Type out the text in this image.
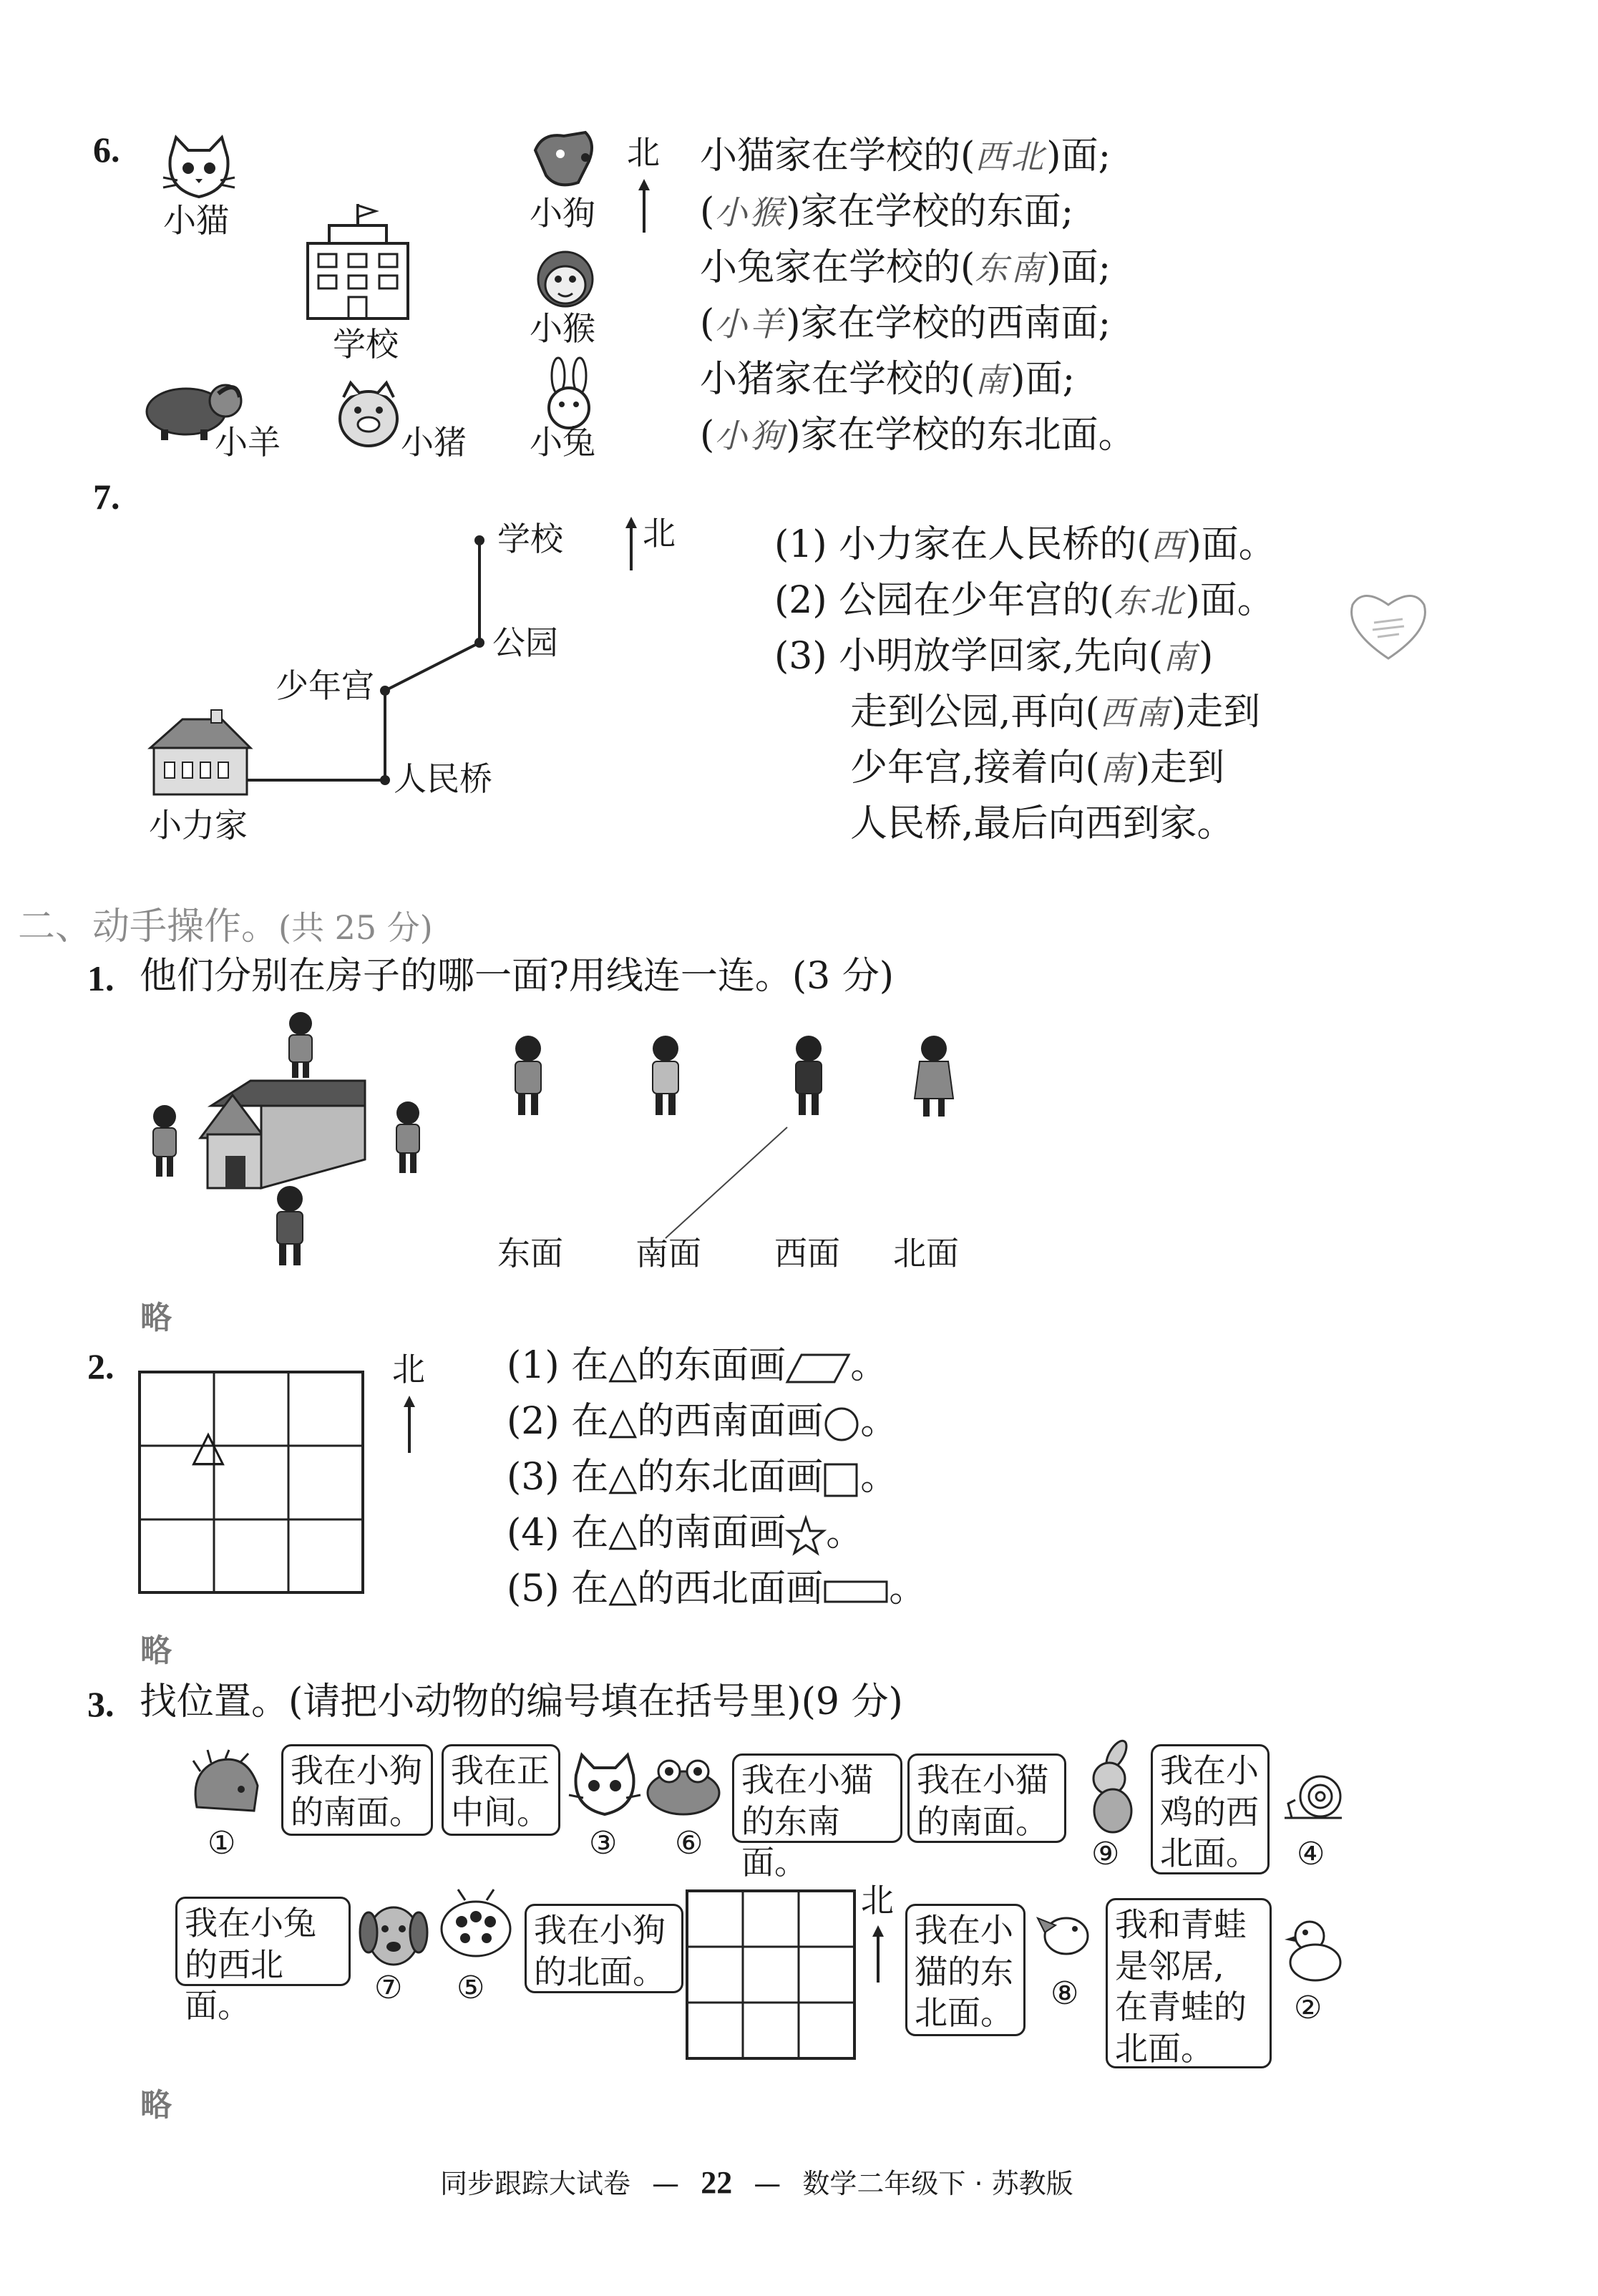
6.
小猫
学校
小羊	小猪
小狗
小猴
小兔
北 小猫家在学校的(西北)面;
(小猴)家在学校的东面;
小兔家在学校的(东南)面;
(小羊)家在学校的西南面;
小猪家在学校的(南)面;
(小狗)家在学校的东北面。
7.
学校
公园
少年宫
人民桥
小力家
北	(1) 小力家在人民桥的(西)面。
(2) 公园在少年宫的(东北)面。
(3) 小明放学回家,先向(南)
走到公园,再向(西南)走到
少年宫,接着向(南)走到
人民桥,最后向西到家。
二、动手操作。(共 25 分)
1. 他们分别在房子的哪一面?用线连一连。(3 分)
东面 南面 西面 北面
略
2.
△
北 (1) 在△的东面画 。
(2) 在△的西南面画 。
(3) 在△的东北面画 。
(4) 在△的南面画 。
(5) 在△的西北面画 。
略
3. 找位置。(请把小动物的编号填在括号里)(9 分)
①
我在小狗
的南面。
我在正
中间。
③ ⑥
我在小猫
的东南面。
我在小猫
的南面。
⑨
我在小
鸡的西
北面。	④
我在小兔
的西北面。	⑦ ⑤
我在小狗
的北面。
北
我在小
猫的东
北面。	⑧
我和青蛙
是邻居,
在青蛙的
北面。
②
略
同步跟踪大试卷 — 22 — 数学二年级下 · 苏教版
